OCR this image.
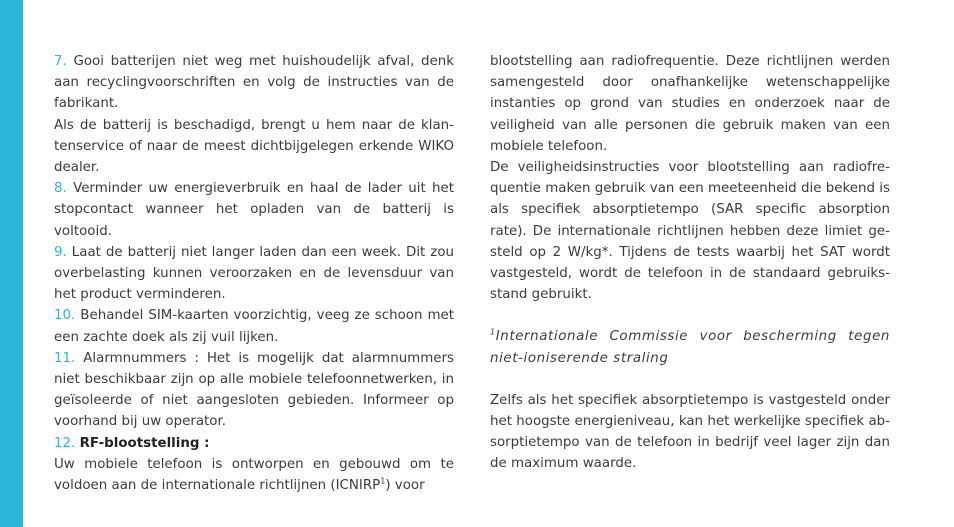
7. Gooi batterijen niet weg met huishoudelijk afval, denk aan recyclingvoorschriften en volg de instructies van de fabrikant.

Als de batterij is beschadigd, brengt u hem naar de klan-tenservice of naar de meest dichtbijgelegen erkende WIKO dealer.

8. Verminder uw energieverbruik en haal de lader uit het stopcontact wanneer het opladen van de batterij is voltooid.

9. Laat de batterij niet langer laden dan een week. Dit zou overbelasting kunnen veroorzaken en de levensduur van het product verminderen.

10. Behandel SIM-kaarten voorzichtig, veeg ze schoon met een zachte doek als zij vuil lijken.

11. Alarmnummers : Het is mogelijk dat alarmnummers niet beschikbaar zijn op alle mobiele telefoonnetwerken, in geïsoleerde of niet aangesloten gebieden. Informeer op voorhand bij uw operator.

12. RF-blootstelling :

Uw mobiele telefoon is ontworpen en gebouwd om te voldoen aan de internationale richtlijnen (ICNIRP$^1$) voor

blootstelling aan radiofrequentie. Deze richtlijnen werden samengesteld door onafhankelijke wetenschappelijke instanties op grond van studies en onderzoek naar de veiligheid van alle personen die gebruik maken van een mobiele telefoon.

De veiligheidsinstructies voor blootstelling aan radiofre-quentie maken gebruik van een meeteenheid die bekend is als specifiek absorptietempo (SAR specific absorption rate). De internationale richtlijnen hebben deze limiet ge-steld op 2 W/kg*. Tijdens de tests waarbij het SAT wordt vastgesteld, wordt de telefoon in de standaard gebruiks-stand gebruikt.

$^1$Internationale Commissie voor bescherming tegen niet-ioniserende straling

Zelfs als het specifiek absorptietempo is vastgesteld onder het hoogste energieniveau, kan het werkelijke specifiek ab-sorptietempo van de telefoon in bedrijf veel lager zijn dan de maximum waarde.
